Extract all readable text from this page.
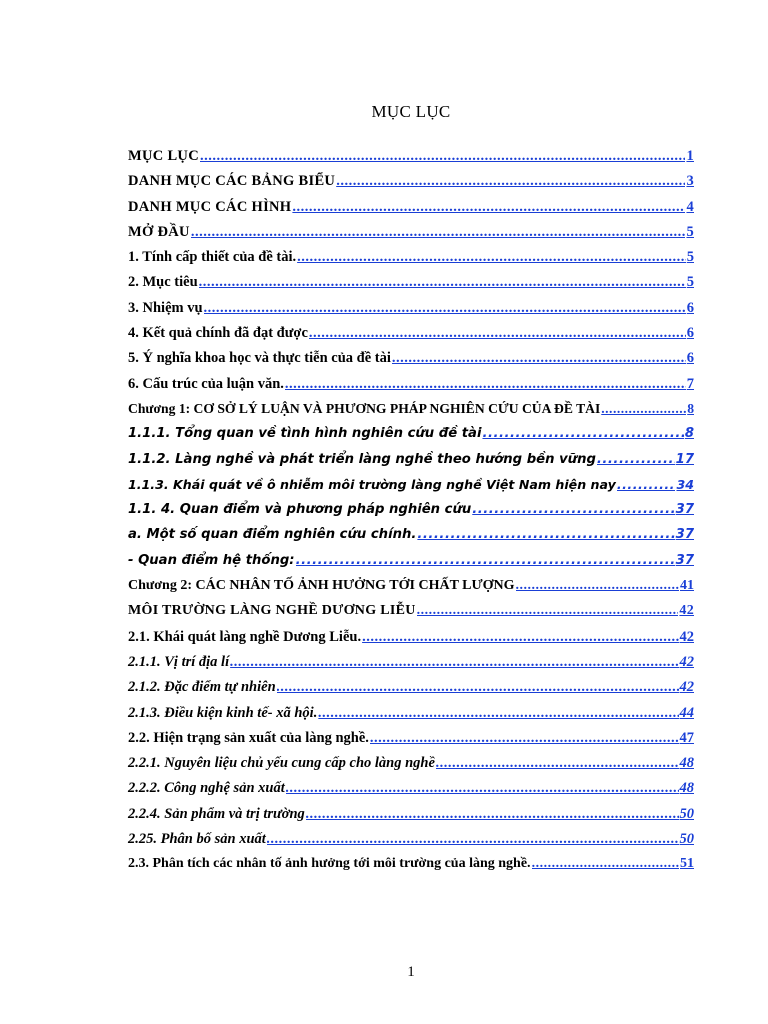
MỤC LỤC
MỤC LỤC .....	1
DANH MỤC CÁC BẢNG BIỂU .....	3
DANH MỤC CÁC HÌNH .....	4
MỞ ĐẦU .....	5
1. Tính cấp thiết của đề tài. .....	5
2. Mục tiêu .....	5
3. Nhiệm vụ .....	6
4. Kết quả chính đã đạt được .....	6
5. Ý nghĩa khoa học và thực tiễn của đề tài .....	6
6. Cấu trúc của luận văn. .....	7
Chương 1: CƠ SỞ LÝ LUẬN VÀ PHƯƠNG PHÁP NGHIÊN CỨU CỦA ĐỀ TÀI .....	8
1.1.1. Tổng quan về tình hình nghiên cứu đề tài .....	8
1.1.2. Làng nghề và phát triển làng nghề theo hướng bền vững .....	17
1.1.3. Khái quát về ô nhiễm môi trường làng nghề Việt Nam hiện nay .....	34
1.1. 4. Quan điểm và phương pháp nghiên cứu .....	37
a. Một số quan điểm nghiên cứu chính. .....	37
- Quan điểm hệ thống: .....	37
Chương 2: CÁC NHÂN TỐ ẢNH HƯỞNG TỚI CHẤT LƯỢNG .....	41
MÔI TRƯỜNG LÀNG NGHỀ DƯƠNG LIỄU .....	42
2.1. Khái quát làng nghề Dương Liễu. .....	42
2.1.1. Vị trí địa lí .....	42
2.1.2. Đặc điểm tự nhiên .....	42
2.1.3. Điều kiện kinh tế- xã hội. .....	44
2.2. Hiện trạng sản xuất của làng nghề. .....	47
2.2.1. Nguyên liệu chủ yếu cung cấp cho làng nghề .....	48
2.2.2. Công nghệ sản xuất .....	48
2.2.4. Sản phẩm và trị trường .....	50
2.25. Phân bố sản xuất .....	50
2.3. Phân tích các nhân tố ảnh hưởng tới môi trường của làng nghề. .....	51
1
